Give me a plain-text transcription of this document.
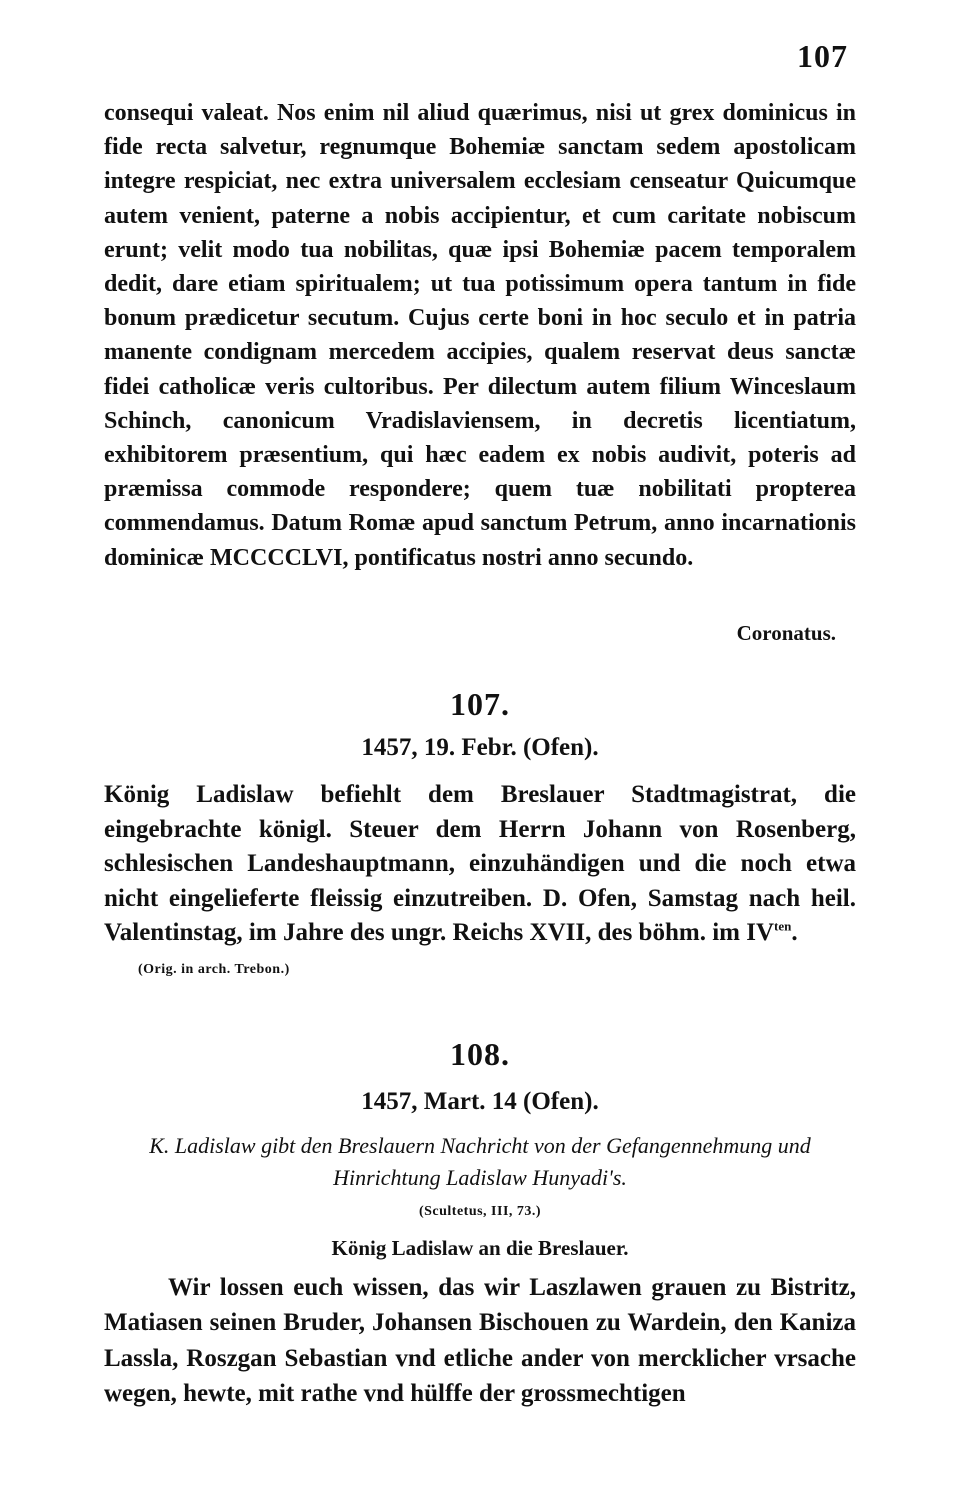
107
consequi valeat. Nos enim nil aliud quærimus, nisi ut grex dominicus in fide recta salvetur, regnumque Bohemiæ sanctam sedem apostolicam integre respiciat, nec extra universalem ecclesiam censeatur Quicumque autem venient, paterne a nobis accipientur, et cum caritate nobiscum erunt; velit modo tua nobilitas, quæ ipsi Bohemiæ pacem temporalem dedit, dare etiam spiritualem; ut tua potissimum opera tantum in fide bonum prædicetur secutum. Cujus certe boni in hoc seculo et in patria manente condignam mercedem accipies, qualem reservat deus sanctæ fidei catholicæ veris cultoribus. Per dilectum autem filium Winceslaum Schinch, canonicum Vradislaviensem, in decretis licentiatum, exhibitorem præsentium, qui hæc eadem ex nobis audivit, poteris ad præmissa commode respondere; quem tuæ nobilitati propterea commendamus. Datum Romæ apud sanctum Petrum, anno incarnationis dominicæ MCCCCLVI, pontificatus nostri anno secundo.
Coronatus.
107.
1457, 19. Febr. (Ofen).
König Ladislaw befiehlt dem Breslauer Stadtmagistrat, die eingebrachte königl. Steuer dem Herrn Johann von Rosenberg, schlesischen Landeshauptmann, einzuhändigen und die noch etwa nicht eingelieferte fleissig einzutreiben. D. Ofen, Samstag nach heil. Valentinstag, im Jahre des ungr. Reichs XVII, des böhm. im $IV^{ten}$.
(Orig. in arch. Trebon.)
108.
1457, Mart. 14 (Ofen).
K. Ladislaw gibt den Breslauern Nachricht von der Gefangennehmung und Hinrichtung Ladislaw Hunyadi's.
(Scultetus, III, 73.)
König Ladislaw an die Breslauer.
Wir lossen euch wissen, das wir Laszlawen grauen zu Bistritz, Matiasen seinen Bruder, Johansen Bischouen zu Wardein, den Kaniza Lassla, Roszgan Sebastian vnd etliche ander von mercklicher vrsache wegen, hewte, mit rathe vnd hülffe der grossmechtigen
